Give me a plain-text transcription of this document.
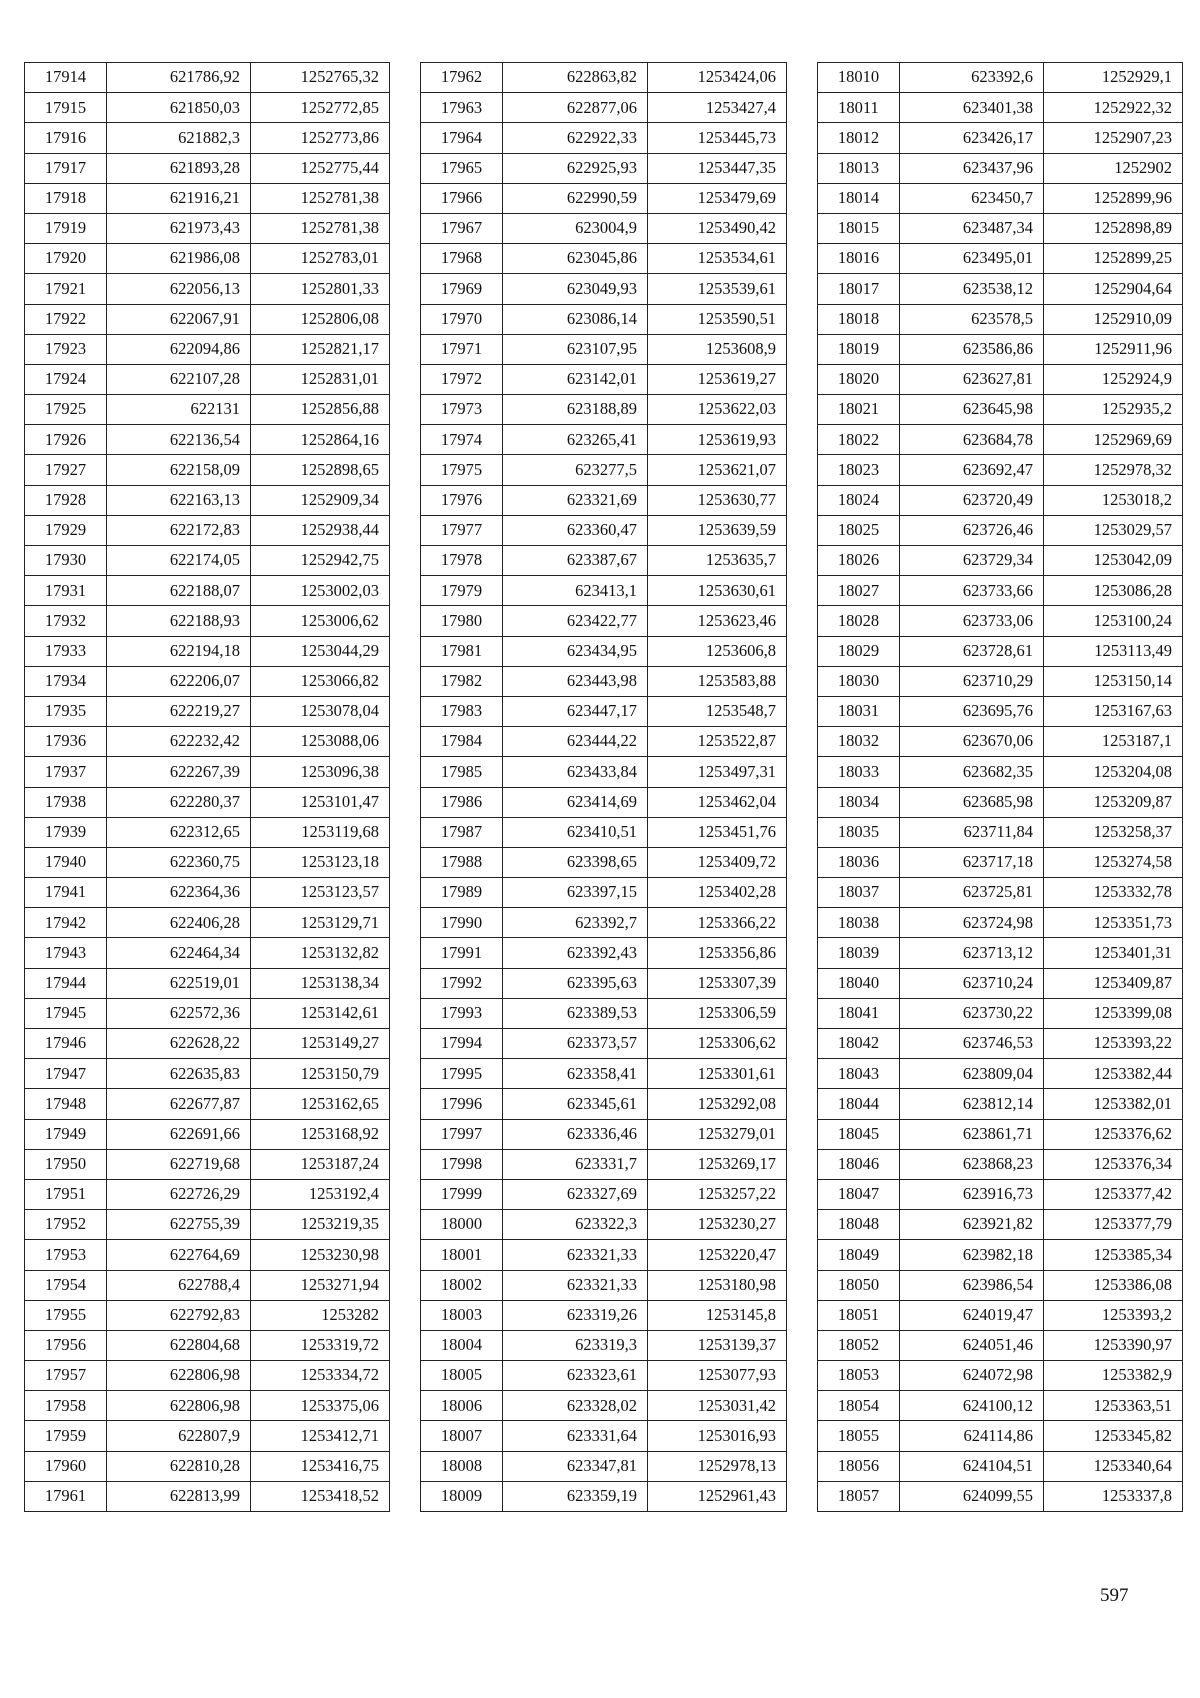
17914	621786,92	1252765,32
17915	621850,03	1252772,85
17916	621882,3	1252773,86
17917	621893,28	1252775,44
17918	621916,21	1252781,38
17919	621973,43	1252781,38
17920	621986,08	1252783,01
17921	622056,13	1252801,33
17922	622067,91	1252806,08
17923	622094,86	1252821,17
17924	622107,28	1252831,01
17925	622131	1252856,88
17926	622136,54	1252864,16
17927	622158,09	1252898,65
17928	622163,13	1252909,34
17929	622172,83	1252938,44
17930	622174,05	1252942,75
17931	622188,07	1253002,03
17932	622188,93	1253006,62
17933	622194,18	1253044,29
17934	622206,07	1253066,82
17935	622219,27	1253078,04
17936	622232,42	1253088,06
17937	622267,39	1253096,38
17938	622280,37	1253101,47
17939	622312,65	1253119,68
17940	622360,75	1253123,18
17941	622364,36	1253123,57
17942	622406,28	1253129,71
17943	622464,34	1253132,82
17944	622519,01	1253138,34
17945	622572,36	1253142,61
17946	622628,22	1253149,27
17947	622635,83	1253150,79
17948	622677,87	1253162,65
17949	622691,66	1253168,92
17950	622719,68	1253187,24
17951	622726,29	1253192,4
17952	622755,39	1253219,35
17953	622764,69	1253230,98
17954	622788,4	1253271,94
17955	622792,83	1253282
17956	622804,68	1253319,72
17957	622806,98	1253334,72
17958	622806,98	1253375,06
17959	622807,9	1253412,71
17960	622810,28	1253416,75
17961	622813,99	1253418,52
17962	622863,82	1253424,06
17963	622877,06	1253427,4
17964	622922,33	1253445,73
17965	622925,93	1253447,35
17966	622990,59	1253479,69
17967	623004,9	1253490,42
17968	623045,86	1253534,61
17969	623049,93	1253539,61
17970	623086,14	1253590,51
17971	623107,95	1253608,9
17972	623142,01	1253619,27
17973	623188,89	1253622,03
17974	623265,41	1253619,93
17975	623277,5	1253621,07
17976	623321,69	1253630,77
17977	623360,47	1253639,59
17978	623387,67	1253635,7
17979	623413,1	1253630,61
17980	623422,77	1253623,46
17981	623434,95	1253606,8
17982	623443,98	1253583,88
17983	623447,17	1253548,7
17984	623444,22	1253522,87
17985	623433,84	1253497,31
17986	623414,69	1253462,04
17987	623410,51	1253451,76
17988	623398,65	1253409,72
17989	623397,15	1253402,28
17990	623392,7	1253366,22
17991	623392,43	1253356,86
17992	623395,63	1253307,39
17993	623389,53	1253306,59
17994	623373,57	1253306,62
17995	623358,41	1253301,61
17996	623345,61	1253292,08
17997	623336,46	1253279,01
17998	623331,7	1253269,17
17999	623327,69	1253257,22
18000	623322,3	1253230,27
18001	623321,33	1253220,47
18002	623321,33	1253180,98
18003	623319,26	1253145,8
18004	623319,3	1253139,37
18005	623323,61	1253077,93
18006	623328,02	1253031,42
18007	623331,64	1253016,93
18008	623347,81	1252978,13
18009	623359,19	1252961,43
18010	623392,6	1252929,1
18011	623401,38	1252922,32
18012	623426,17	1252907,23
18013	623437,96	1252902
18014	623450,7	1252899,96
18015	623487,34	1252898,89
18016	623495,01	1252899,25
18017	623538,12	1252904,64
18018	623578,5	1252910,09
18019	623586,86	1252911,96
18020	623627,81	1252924,9
18021	623645,98	1252935,2
18022	623684,78	1252969,69
18023	623692,47	1252978,32
18024	623720,49	1253018,2
18025	623726,46	1253029,57
18026	623729,34	1253042,09
18027	623733,66	1253086,28
18028	623733,06	1253100,24
18029	623728,61	1253113,49
18030	623710,29	1253150,14
18031	623695,76	1253167,63
18032	623670,06	1253187,1
18033	623682,35	1253204,08
18034	623685,98	1253209,87
18035	623711,84	1253258,37
18036	623717,18	1253274,58
18037	623725,81	1253332,78
18038	623724,98	1253351,73
18039	623713,12	1253401,31
18040	623710,24	1253409,87
18041	623730,22	1253399,08
18042	623746,53	1253393,22
18043	623809,04	1253382,44
18044	623812,14	1253382,01
18045	623861,71	1253376,62
18046	623868,23	1253376,34
18047	623916,73	1253377,42
18048	623921,82	1253377,79
18049	623982,18	1253385,34
18050	623986,54	1253386,08
18051	624019,47	1253393,2
18052	624051,46	1253390,97
18053	624072,98	1253382,9
18054	624100,12	1253363,51
18055	624114,86	1253345,82
18056	624104,51	1253340,64
18057	624099,55	1253337,8
597
